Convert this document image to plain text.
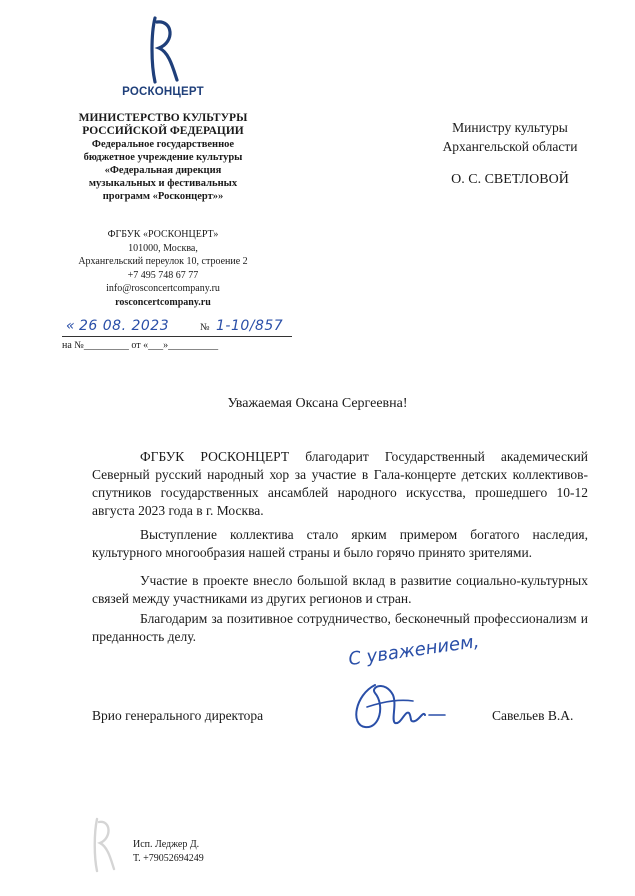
РОСКОНЦЕРТ
МИНИСТЕРСТВО КУЛЬТУРЫ
РОССИЙСКОЙ ФЕДЕРАЦИИ
Федеральное государственное
бюджетное учреждение культуры
«Федеральная дирекция
музыкальных и фестивальных
программ «Росконцерт»»
ФГБУК «РОСКОНЦЕРТ»
101000, Москва,
Архангельский переулок 10, строение 2
+7 495 748 67 77
info@rosconcertcompany.ru
rosconcertcompany.ru
« 26 08. 2023	№ 1-10/857
на №_________ от «___»__________
Министру культуры
Архангельской области
О. С. СВЕТЛОВОЙ
Уважаемая Оксана Сергеевна!
ФГБУК РОСКОНЦЕРТ благодарит Государственный академический Северный русский народный хор за участие в Гала-концерте детских коллективов-спутников государственных ансамблей народного искусства, прошедшего 10-12 августа 2023 года в г. Москва.
Выступление коллектива стало ярким примером богатого наследия, культурного многообразия нашей страны и было горячо принято зрителями.
Участие в проекте внесло большой вклад в развитие социально-культурных связей между участниками из других регионов и стран.
Благодарим за позитивное сотрудничество, бесконечный профессионализм и преданность делу.	С уважением,
Врио генерального директора	Савельев В.А.
Исп. Леджер Д.
Т. +79052694249
